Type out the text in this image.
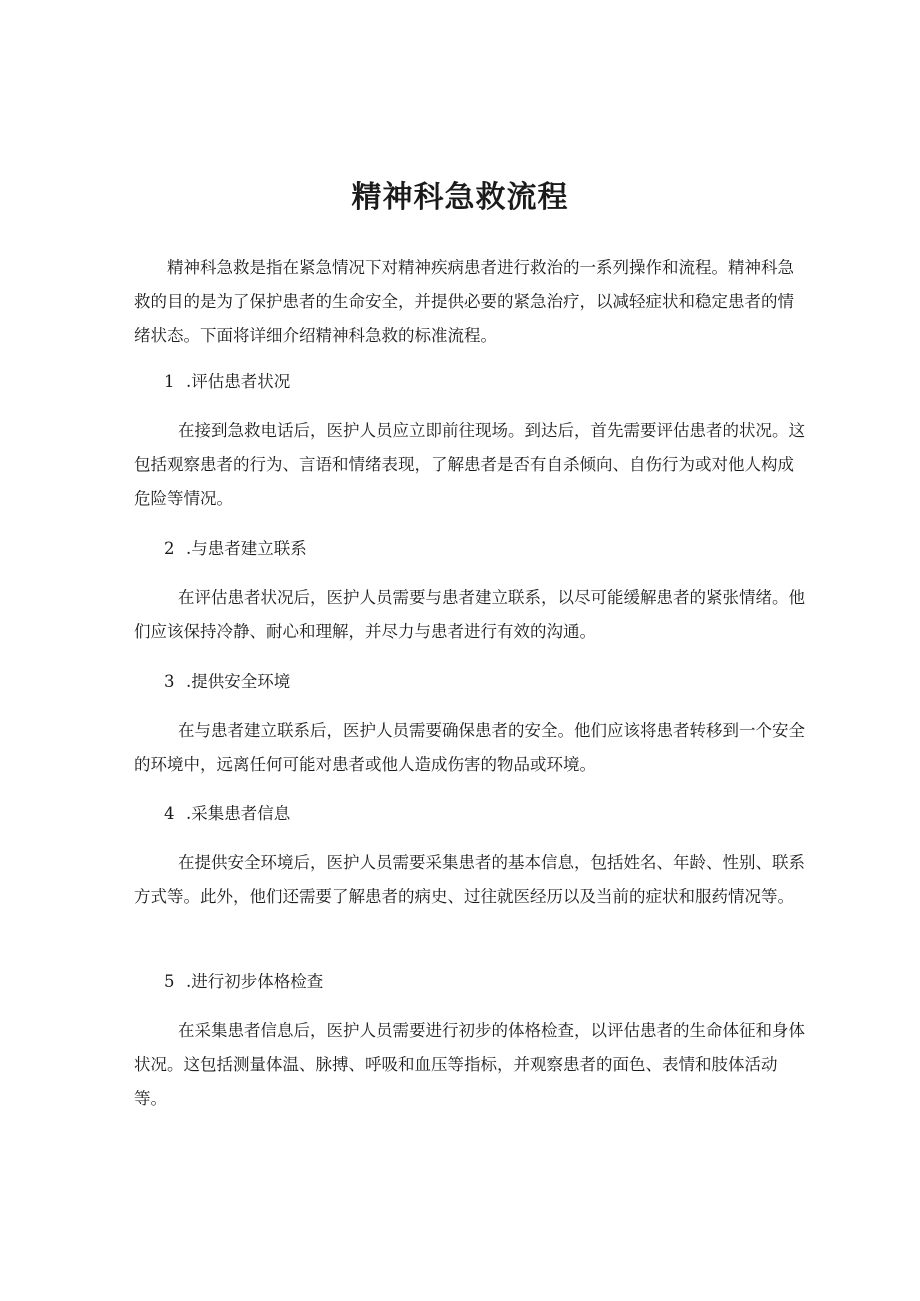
精神科急救流程

精神科急救是指在紧急情况下对精神疾病患者进行救治的一系列操作和流程。精神科急救的目的是为了保护患者的生命安全，并提供必要的紧急治疗，以减轻症状和稳定患者的情绪状态。下面将详细介绍精神科急救的标准流程。

1 .评估患者状况

在接到急救电话后，医护人员应立即前往现场。到达后，首先需要评估患者的状况。这包括观察患者的行为、言语和情绪表现，了解患者是否有自杀倾向、自伤行为或对他人构成危险等情况。

2 .与患者建立联系

在评估患者状况后，医护人员需要与患者建立联系，以尽可能缓解患者的紧张情绪。他们应该保持冷静、耐心和理解，并尽力与患者进行有效的沟通。

3 .提供安全环境

在与患者建立联系后，医护人员需要确保患者的安全。他们应该将患者转移到一个安全的环境中，远离任何可能对患者或他人造成伤害的物品或环境。

4 .采集患者信息

在提供安全环境后，医护人员需要采集患者的基本信息，包括姓名、年龄、性别、联系方式等。此外，他们还需要了解患者的病史、过往就医经历以及当前的症状和服药情况等。

5 .进行初步体格检查

在采集患者信息后，医护人员需要进行初步的体格检查，以评估患者的生命体征和身体状况。这包括测量体温、脉搏、呼吸和血压等指标，并观察患者的面色、表情和肢体活动等。
